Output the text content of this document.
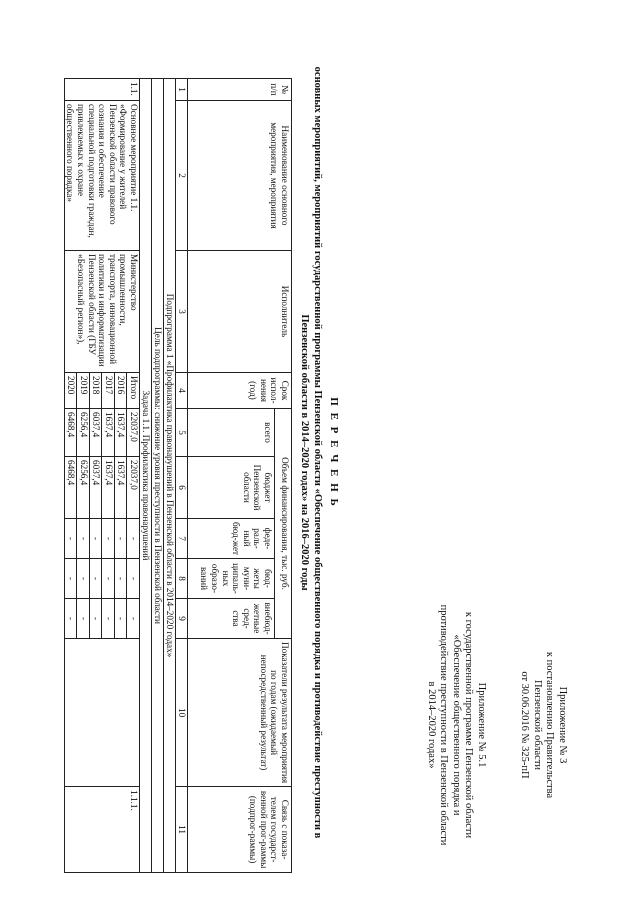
Приложение № 3
к постановлению Правительства
Пензенской области
от 30.06.2016 № 325-пП
Приложение № 5.1
к государственной программе Пензенской области
«Обеспечение общественного порядка и
противодействие преступности в Пензенской области
в 2014–2020 годах»
П Е Р Е Ч Е Н Ь
основных мероприятий, мероприятий государственной программы Пензенской области «Обеспечение общественного порядка и противодействие преступности в Пензенской области в 2014–2020 годах» на 2016–2020 годы
№ п/п	Наименование основного мероприятия, мероприятия	Исполнитель	Срок испол-нения (год)	Объем финансирования, тыс. руб.					Показатели результата мероприятия по годам (ожидаемый непосредственный результат)	Связь с показа-телем государст-венной прог-раммы (подпрог-раммы)
				всего	бюджет Пензенской области	феде-раль-ный бюд-жет	бюд-жеты муни-ципаль-ных образо-ваний	внебюд-жетные сред-ства		
1	2	3	4	5	6	7	8	9	10	11
Подпрограмма 1 «Профилактика правонарушений в Пензенской области в 2014–2020 годах»										
Цель подпрограммы: снижение уровня преступности в Пензенской области										
Задача 1.1. Профилактика правонарушений										
1.1.	Основное мероприятие 1.1. «Формирование у жителей Пензенской области правового сознания и обеспечение специальной подготовки граждан, привлекаемых к охране общественного порядка»	Министерство промышленности, транспорта, инновационной политики и информатизации Пензенской области (ГБУ «Безопасный регион»),	Итого	22037,0	22037,0	-	-	-		1.1.1.
			2016	1637,4	1637,4	-	-	-		
			2017	1637,4	1637,4	-	-	-		
			2018	6037,4	6037,4	-	-	-		
			2019	6256,4	6256,4	-	-	-		
			2020	6468,4	6468,4	-	-	-		
